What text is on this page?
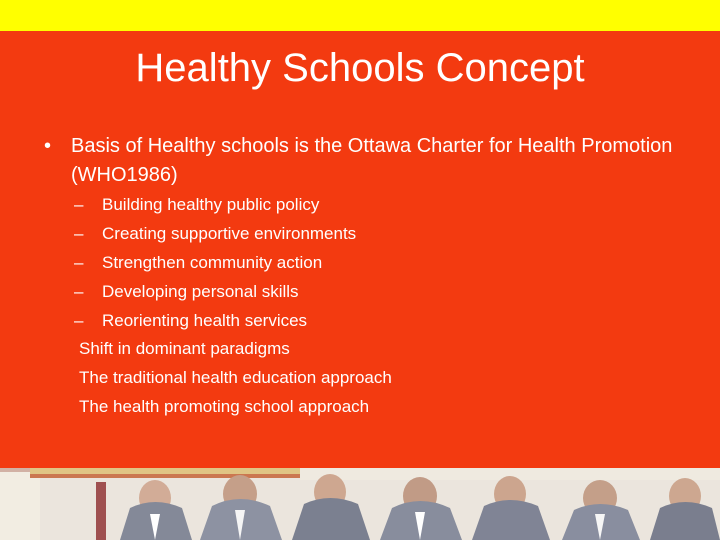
Healthy Schools Concept
• Basis of Healthy schools is the Ottawa Charter for Health Promotion (WHO1986)
– Building healthy public policy
– Creating supportive environments
– Strengthen community action
– Developing personal skills
– Reorienting health services
Shift in dominant paradigms
The traditional health education approach
The health promoting school approach
